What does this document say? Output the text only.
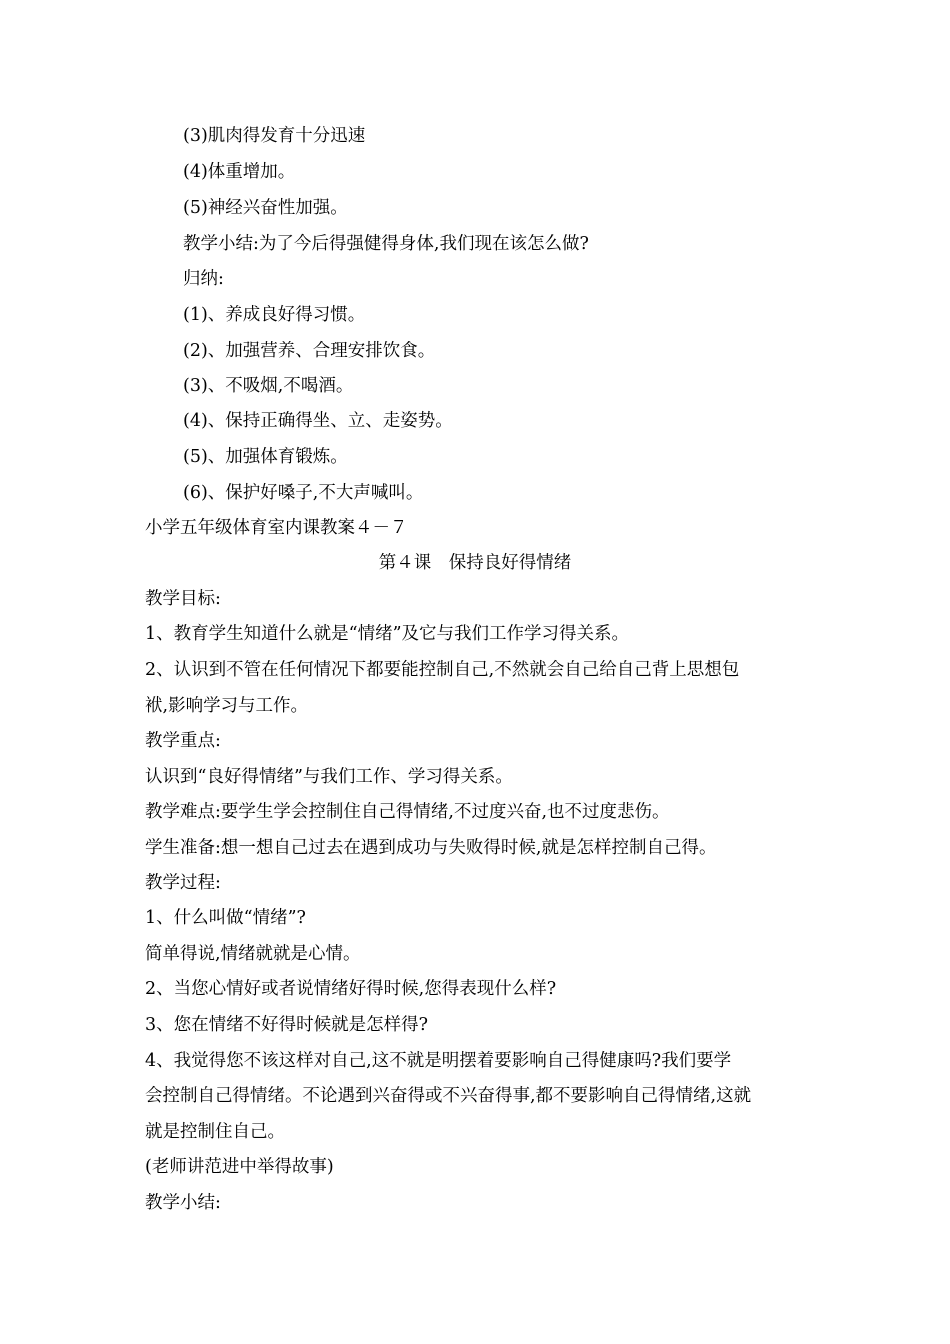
(3)肌肉得发育十分迅速
(4)体重增加。
(5)神经兴奋性加强。
教学小结:为了今后得强健得身体,我们现在该怎么做?
归纳:
(1)、养成良好得习惯。
(2)、加强营养、合理安排饮食。
(3)、不吸烟,不喝酒。
(4)、保持正确得坐、立、走姿势。
(5)、加强体育锻炼。
(6)、保护好嗓子,不大声喊叫。
小学五年级体育室内课教案４－７
第４课　保持良好得情绪
教学目标:
1、教育学生知道什么就是“情绪”及它与我们工作学习得关系。
2、认识到不管在任何情况下都要能控制自己,不然就会自己给自己背上思想包
袱,影响学习与工作。
教学重点:
认识到“良好得情绪”与我们工作、学习得关系。
教学难点:要学生学会控制住自己得情绪,不过度兴奋,也不过度悲伤。
学生准备:想一想自己过去在遇到成功与失败得时候,就是怎样控制自己得。
教学过程:
1、什么叫做“情绪”?
简单得说,情绪就就是心情。
2、当您心情好或者说情绪好得时候,您得表现什么样?
3、您在情绪不好得时候就是怎样得?
4、我觉得您不该这样对自己,这不就是明摆着要影响自己得健康吗?我们要学
会控制自己得情绪。不论遇到兴奋得或不兴奋得事,都不要影响自己得情绪,这就
就是控制住自己。
(老师讲范进中举得故事)
教学小结:
